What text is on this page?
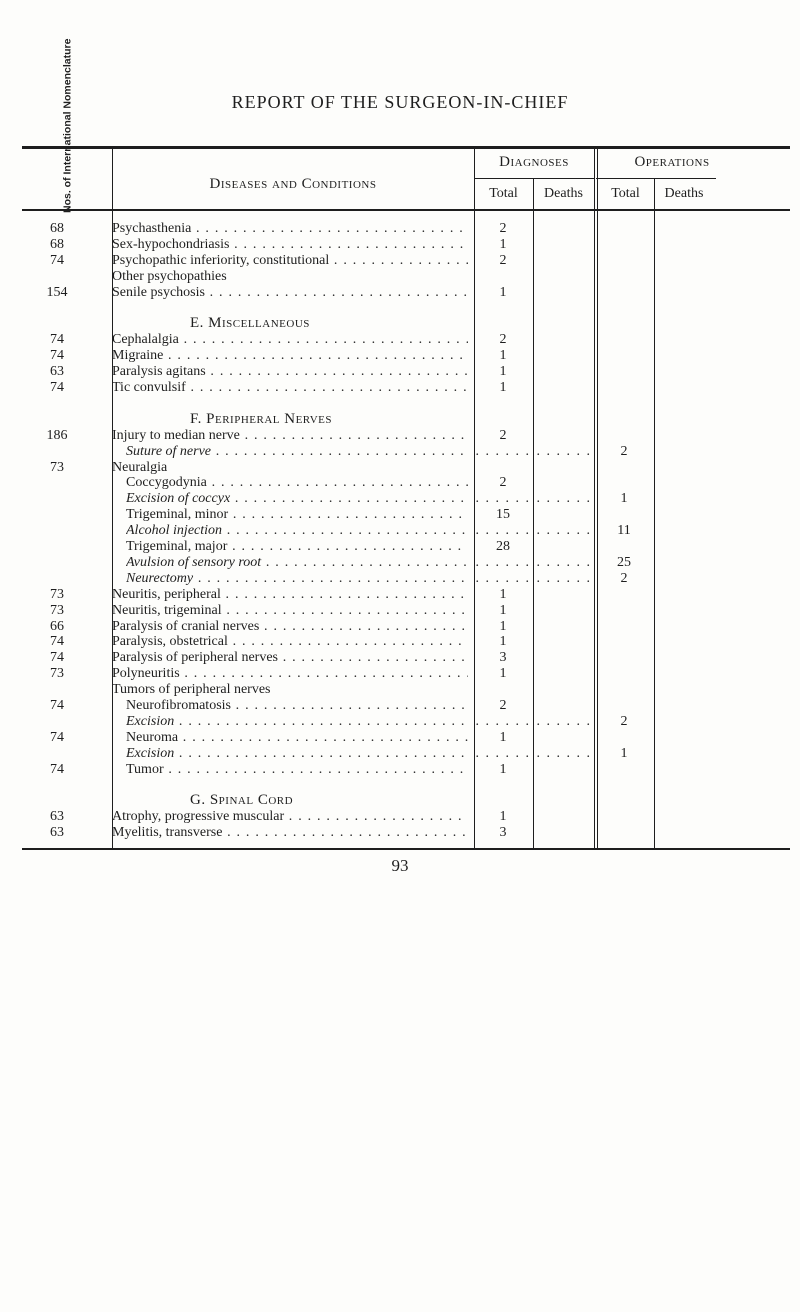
REPORT OF THE SURGEON-IN-CHIEF
Nos. of International Nomenclature	Diseases and Conditions
Diagnoses	Operations
Total	Deaths	Total	Deaths
68	Psychasthenia . . .	2
68	Sex-hypochondriasis . . .	1
74	Psychopathic inferiority, constitutional . . .	2
Other psychopathies
154	Senile psychosis . . .	1
E. Miscellaneous
74	Cephalalgia . . .	2
74	Migraine . . .	1
63	Paralysis agitans . . .	1
74	Tic convulsif . . .	1
F. Peripheral Nerves
186	Injury to median nerve . . .	2
Suture of nerve . . .	. . . . . . . . . . . .	2
73	Neuralgia
Coccygodynia . . .	2
Excision of coccyx . . .	. . . . . . . . . . . .	1
Trigeminal, minor . . .	15
Alcohol injection . . .	. . . . . . . . . . . .	11
Trigeminal, major . . .	28
Avulsion of sensory root . . .	. . . . . . . . . . . .	25
Neurectomy . . .	. . . . . . . . . . . .	2
73	Neuritis, peripheral . . .	1
73	Neuritis, trigeminal . . .	1
66	Paralysis of cranial nerves . . .	1
74	Paralysis, obstetrical . . .	1
74	Paralysis of peripheral nerves . . .	3
73	Polyneuritis . . .	1
Tumors of peripheral nerves
74	Neurofibromatosis . . .	2
Excision . . .	. . . . . . . . . . . .	2
74	Neuroma . . .	1
Excision . . .	. . . . . . . . . . . .	1
74	Tumor . . .	1
G. Spinal Cord
63	Atrophy, progressive muscular . . .	1
63	Myelitis, transverse . . .	3
93
